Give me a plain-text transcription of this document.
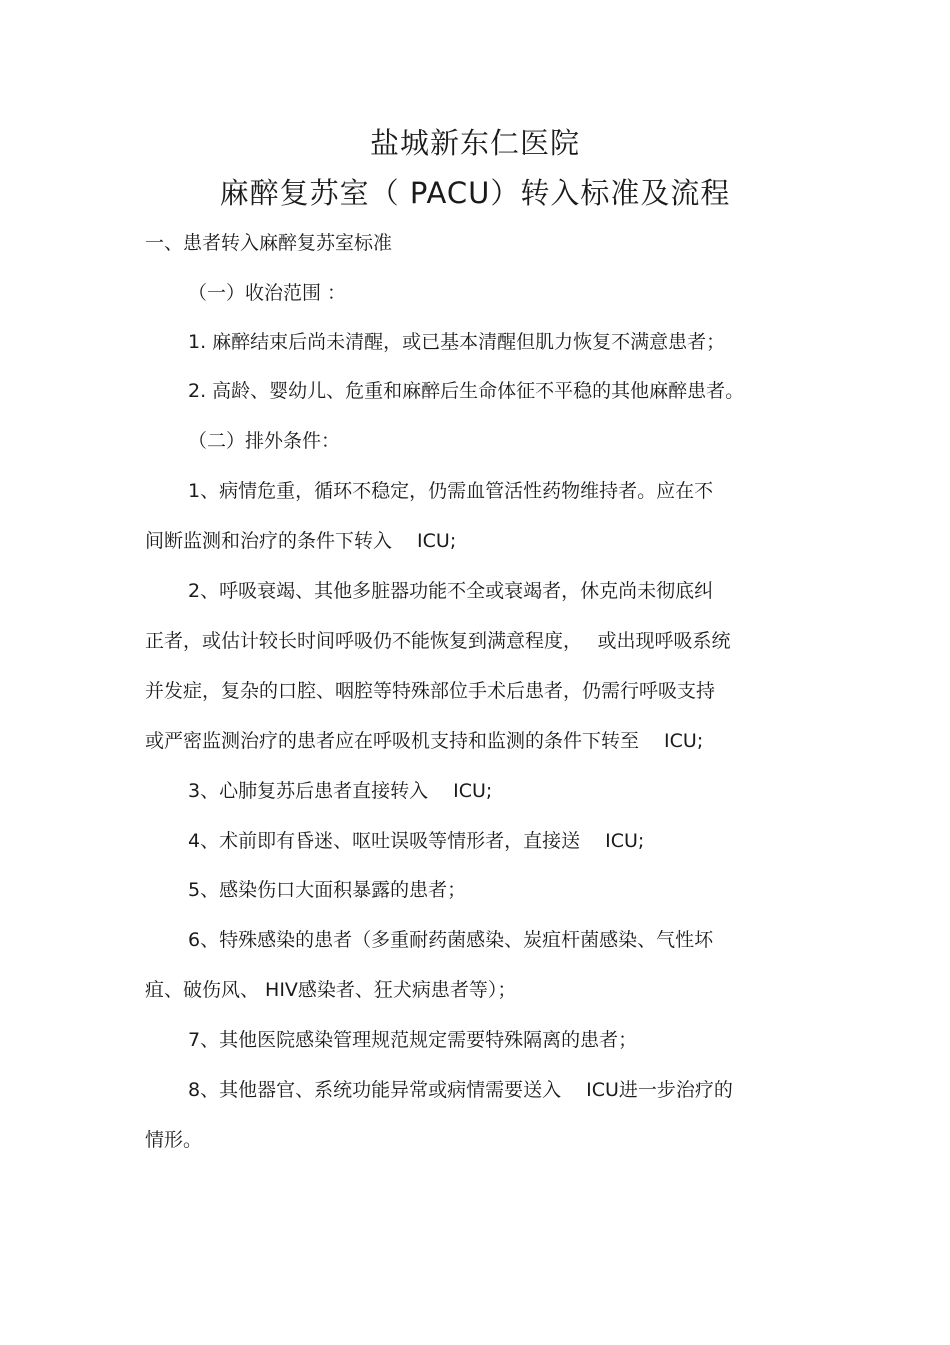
盐城新东仁医院
麻醉复苏室（ PACU）转入标准及流程
一、患者转入麻醉复苏室标准
（一）收治范围 ：
1. 麻醉结束后尚未清醒，或已基本清醒但肌力恢复不满意患者；
2. 高龄、婴幼儿、危重和麻醉后生命体征不平稳的其他麻醉患者。
（二）排外条件：
1、病情危重，循环不稳定，仍需血管活性药物维持者。应在不
间断监测和治疗的条件下转入　 ICU;
2、呼吸衰竭、其他多脏器功能不全或衰竭者，休克尚未彻底纠
正者，或估计较长时间呼吸仍不能恢复到满意程度，　 或出现呼吸系统
并发症，复杂的口腔、咽腔等特殊部位手术后患者，仍需行呼吸支持
或严密监测治疗的患者应在呼吸机支持和监测的条件下转至　 ICU;
3、心肺复苏后患者直接转入　 ICU;
4、术前即有昏迷、呕吐误吸等情形者，直接送　 ICU;
5、感染伤口大面积暴露的患者；
6、特殊感染的患者（多重耐药菌感染、炭疽杆菌感染、气性坏
疽、破伤风、 HIV感染者、狂犬病患者等）；
7、其他医院感染管理规范规定需要特殊隔离的患者；
8、其他器官、系统功能异常或病情需要送入　 ICU进一步治疗的
情形。
